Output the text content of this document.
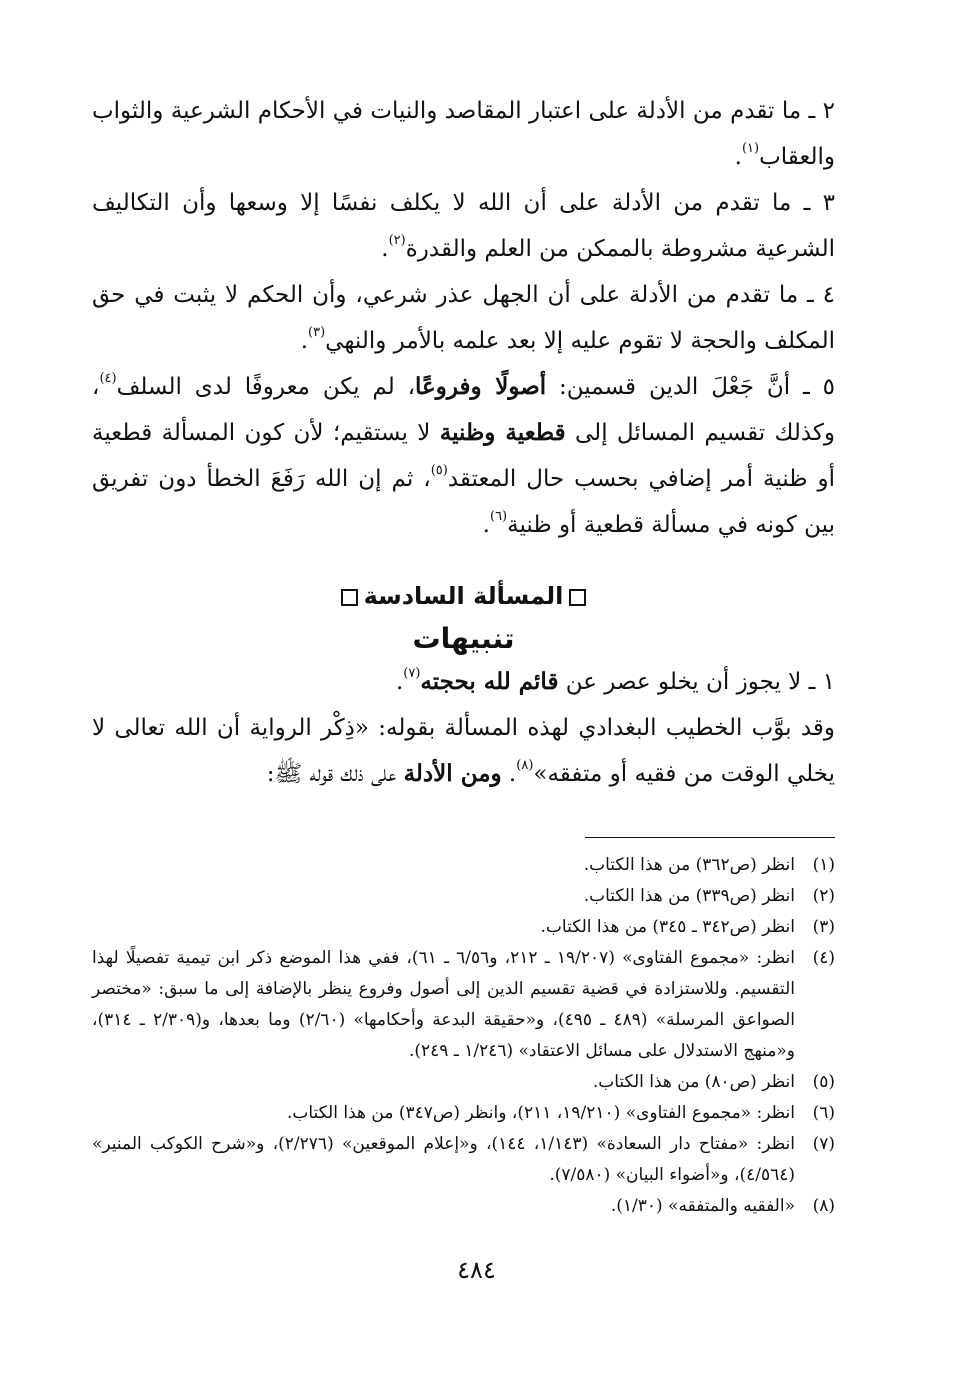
٢ ـ ما تقدم من الأدلة على اعتبار المقاصد والنيات في الأحكام الشرعية والثواب والعقاب$^{(١)}$.

٣ ـ ما تقدم من الأدلة على أن الله لا يكلف نفسًا إلا وسعها وأن التكاليف الشرعية مشروطة بالممكن من العلم والقدرة$^{(٢)}$.

٤ ـ ما تقدم من الأدلة على أن الجهل عذر شرعي، وأن الحكم لا يثبت في حق المكلف والحجة لا تقوم عليه إلا بعد علمه بالأمر والنهي$^{(٣)}$.

٥ ـ أنَّ جَعْلَ الدين قسمين: أصولًا وفروعًا، لم يكن معروفًا لدى السلف$^{(٤)}$، وكذلك تقسيم المسائل إلى قطعية وظنية لا يستقيم؛ لأن كون المسألة قطعية أو ظنية أمر إضافي بحسب حال المعتقد$^{(٥)}$، ثم إن الله رَفَعَ الخطأ دون تفريق بين كونه في مسألة قطعية أو ظنية$^{(٦)}$.

المسألة السادسة
تنبيهات

١ ـ لا يجوز أن يخلو عصر عن قائم لله بحجته$^{(٧)}$.

وقد بوَّب الخطيب البغدادي لهذه المسألة بقوله: «ذِكْر الرواية أن الله تعالى لا يخلي الوقت من فقيه أو متفقه»$^{(٨)}$. ومن الأدلة على ذلك قوله ﷺ:

(١)
انظر (ص٣٦٢) من هذا الكتاب.
(٢)
انظر (ص٣٣٩) من هذا الكتاب.
(٣)
انظر (ص٣٤٢ ـ ٣٤٥) من هذا الكتاب.
(٤)
انظر: «مجموع الفتاوى» (١٩/٢٠٧ ـ ٢١٢، و٦/٥٦ ـ ٦١)، ففي هذا الموضع ذكر ابن تيمية تفصيلًا لهذا التقسيم. وللاستزادة في قضية تقسيم الدين إلى أصول وفروع ينظر بالإضافة إلى ما سبق: «مختصر الصواعق المرسلة» (٤٨٩ ـ ٤٩٥)، و«حقيقة البدعة وأحكامها» (٢/٦٠) وما بعدها، و(٢/٣٠٩ ـ ٣١٤)، و«منهج الاستدلال على مسائل الاعتقاد» (١/٢٤٦ ـ ٢٤٩).
(٥)
انظر (ص٨٠) من هذا الكتاب.
(٦)
انظر: «مجموع الفتاوى» (١٩/٢١٠، ٢١١)، وانظر (ص٣٤٧) من هذا الكتاب.
(٧)
انظر: «مفتاح دار السعادة» (١/١٤٣، ١٤٤)، و«إعلام الموقعين» (٢/٢٧٦)، و«شرح الكوكب المنير» (٤/٥٦٤)، و«أضواء البيان» (٧/٥٨٠).
(٨)
«الفقيه والمتفقه» (١/٣٠).
٤٨٤
